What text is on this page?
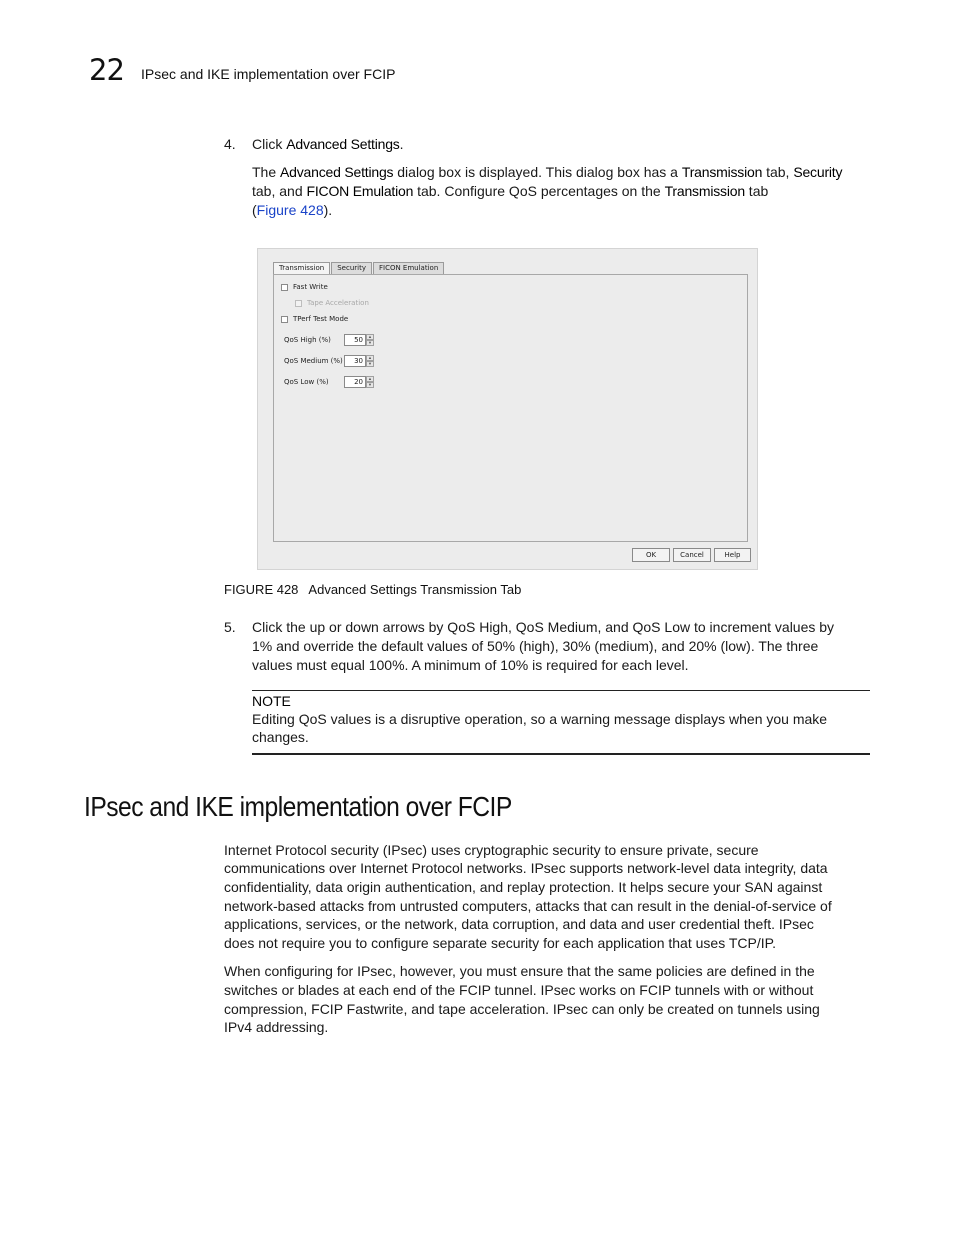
22 IPsec and IKE implementation over FCIP
4. Click Advanced Settings.
The Advanced Settings dialog box is displayed. This dialog box has a Transmission tab, Security
tab, and FICON Emulation tab. Configure QoS percentages on the Transmission tab
(Figure 428).
Transmission	Security	FICON Emulation
Fast Write
Tape Acceleration
TPerf Test Mode
QoS High (%)	50	▲
▼
QoS Medium (%)	30	▲
▼
QoS Low (%)	20	▲
▼
OK	Cancel	Help
FIGURE 428 Advanced Settings Transmission Tab
5. Click the up or down arrows by QoS High, QoS Medium, and QoS Low to increment values by
1% and override the default values of 50% (high), 30% (medium), and 20% (low). The three
values must equal 100%. A minimum of 10% is required for each level.
NOTE
Editing QoS values is a disruptive operation, so a warning message displays when you make
changes.
IPsec and IKE implementation over FCIP
Internet Protocol security (IPsec) uses cryptographic security to ensure private, secure
communications over Internet Protocol networks. IPsec supports network-level data integrity, data
confidentiality, data origin authentication, and replay protection. It helps secure your SAN against
network-based attacks from untrusted computers, attacks that can result in the denial-of-service of
applications, services, or the network, data corruption, and data and user credential theft. IPsec
does not require you to configure separate security for each application that uses TCP/IP.
When configuring for IPsec, however, you must ensure that the same policies are defined in the
switches or blades at each end of the FCIP tunnel. IPsec works on FCIP tunnels with or without
compression, FCIP Fastwrite, and tape acceleration. IPsec can only be created on tunnels using
IPv4 addressing.
